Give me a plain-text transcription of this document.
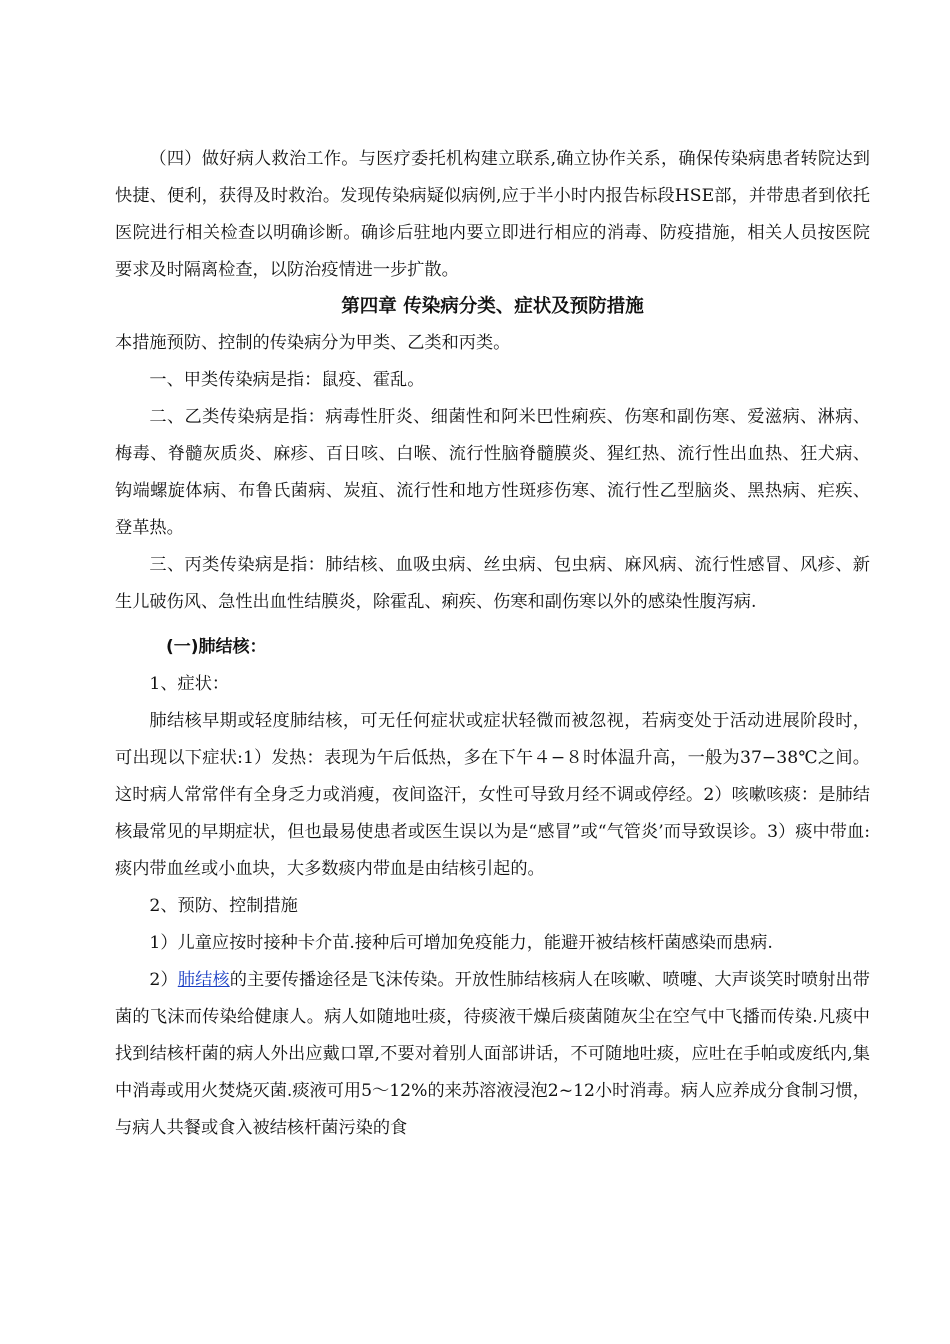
（四）做好病人救治工作。与医疗委托机构建立联系,确立协作关系，确保传染病患者转院达到快捷、便利，获得及时救治。发现传染病疑似病例,应于半小时内报告标段HSE部，并带患者到依托医院进行相关检查以明确诊断。确诊后驻地内要立即进行相应的消毒、防疫措施，相关人员按医院要求及时隔离检查，以防治疫情进一步扩散。

第四章 传染病分类、症状及预防措施

本措施预防、控制的传染病分为甲类、乙类和丙类。

一、甲类传染病是指：鼠疫、霍乱。

二、乙类传染病是指：病毒性肝炎、细菌性和阿米巴性痢疾、伤寒和副伤寒、爱滋病、淋病、梅毒、脊髓灰质炎、麻疹、百日咳、白喉、流行性脑脊髓膜炎、猩红热、流行性出血热、狂犬病、钩端螺旋体病、布鲁氏菌病、炭疽、流行性和地方性斑疹伤寒、流行性乙型脑炎、黑热病、疟疾、登革热。

三、丙类传染病是指：肺结核、血吸虫病、丝虫病、包虫病、麻风病、流行性感冒、风疹、新生儿破伤风、急性出血性结膜炎，除霍乱、痢疾、伤寒和副伤寒以外的感染性腹泻病.

(一)肺结核：

1、症状：

肺结核早期或轻度肺结核，可无任何症状或症状轻微而被忽视，若病变处于活动进展阶段时，可出现以下症状:1）发热：表现为午后低热，多在下午４−８时体温升高，一般为37−38℃之间。这时病人常常伴有全身乏力或消瘦，夜间盗汗，女性可导致月经不调或停经。2）咳嗽咳痰：是肺结核最常见的早期症状，但也最易使患者或医生误以为是“感冒”或“气管炎’而导致误诊。3）痰中带血:痰内带血丝或小血块，大多数痰内带血是由结核引起的。

2、预防、控制措施

1）儿童应按时接种卡介苗.接种后可增加免疫能力，能避开被结核杆菌感染而患病.

2）肺结核的主要传播途径是飞沫传染。开放性肺结核病人在咳嗽、喷嚏、大声谈笑时喷射出带菌的飞沫而传染给健康人。病人如随地吐痰，待痰液干燥后痰菌随灰尘在空气中飞播而传染.凡痰中找到结核杆菌的病人外出应戴口罩,不要对着别人面部讲话，不可随地吐痰，应吐在手帕或废纸内,集中消毒或用火焚烧灭菌.痰液可用5～12%的来苏溶液浸泡2~12小时消毒。病人应养成分食制习惯，与病人共餐或食入被结核杆菌污染的食
